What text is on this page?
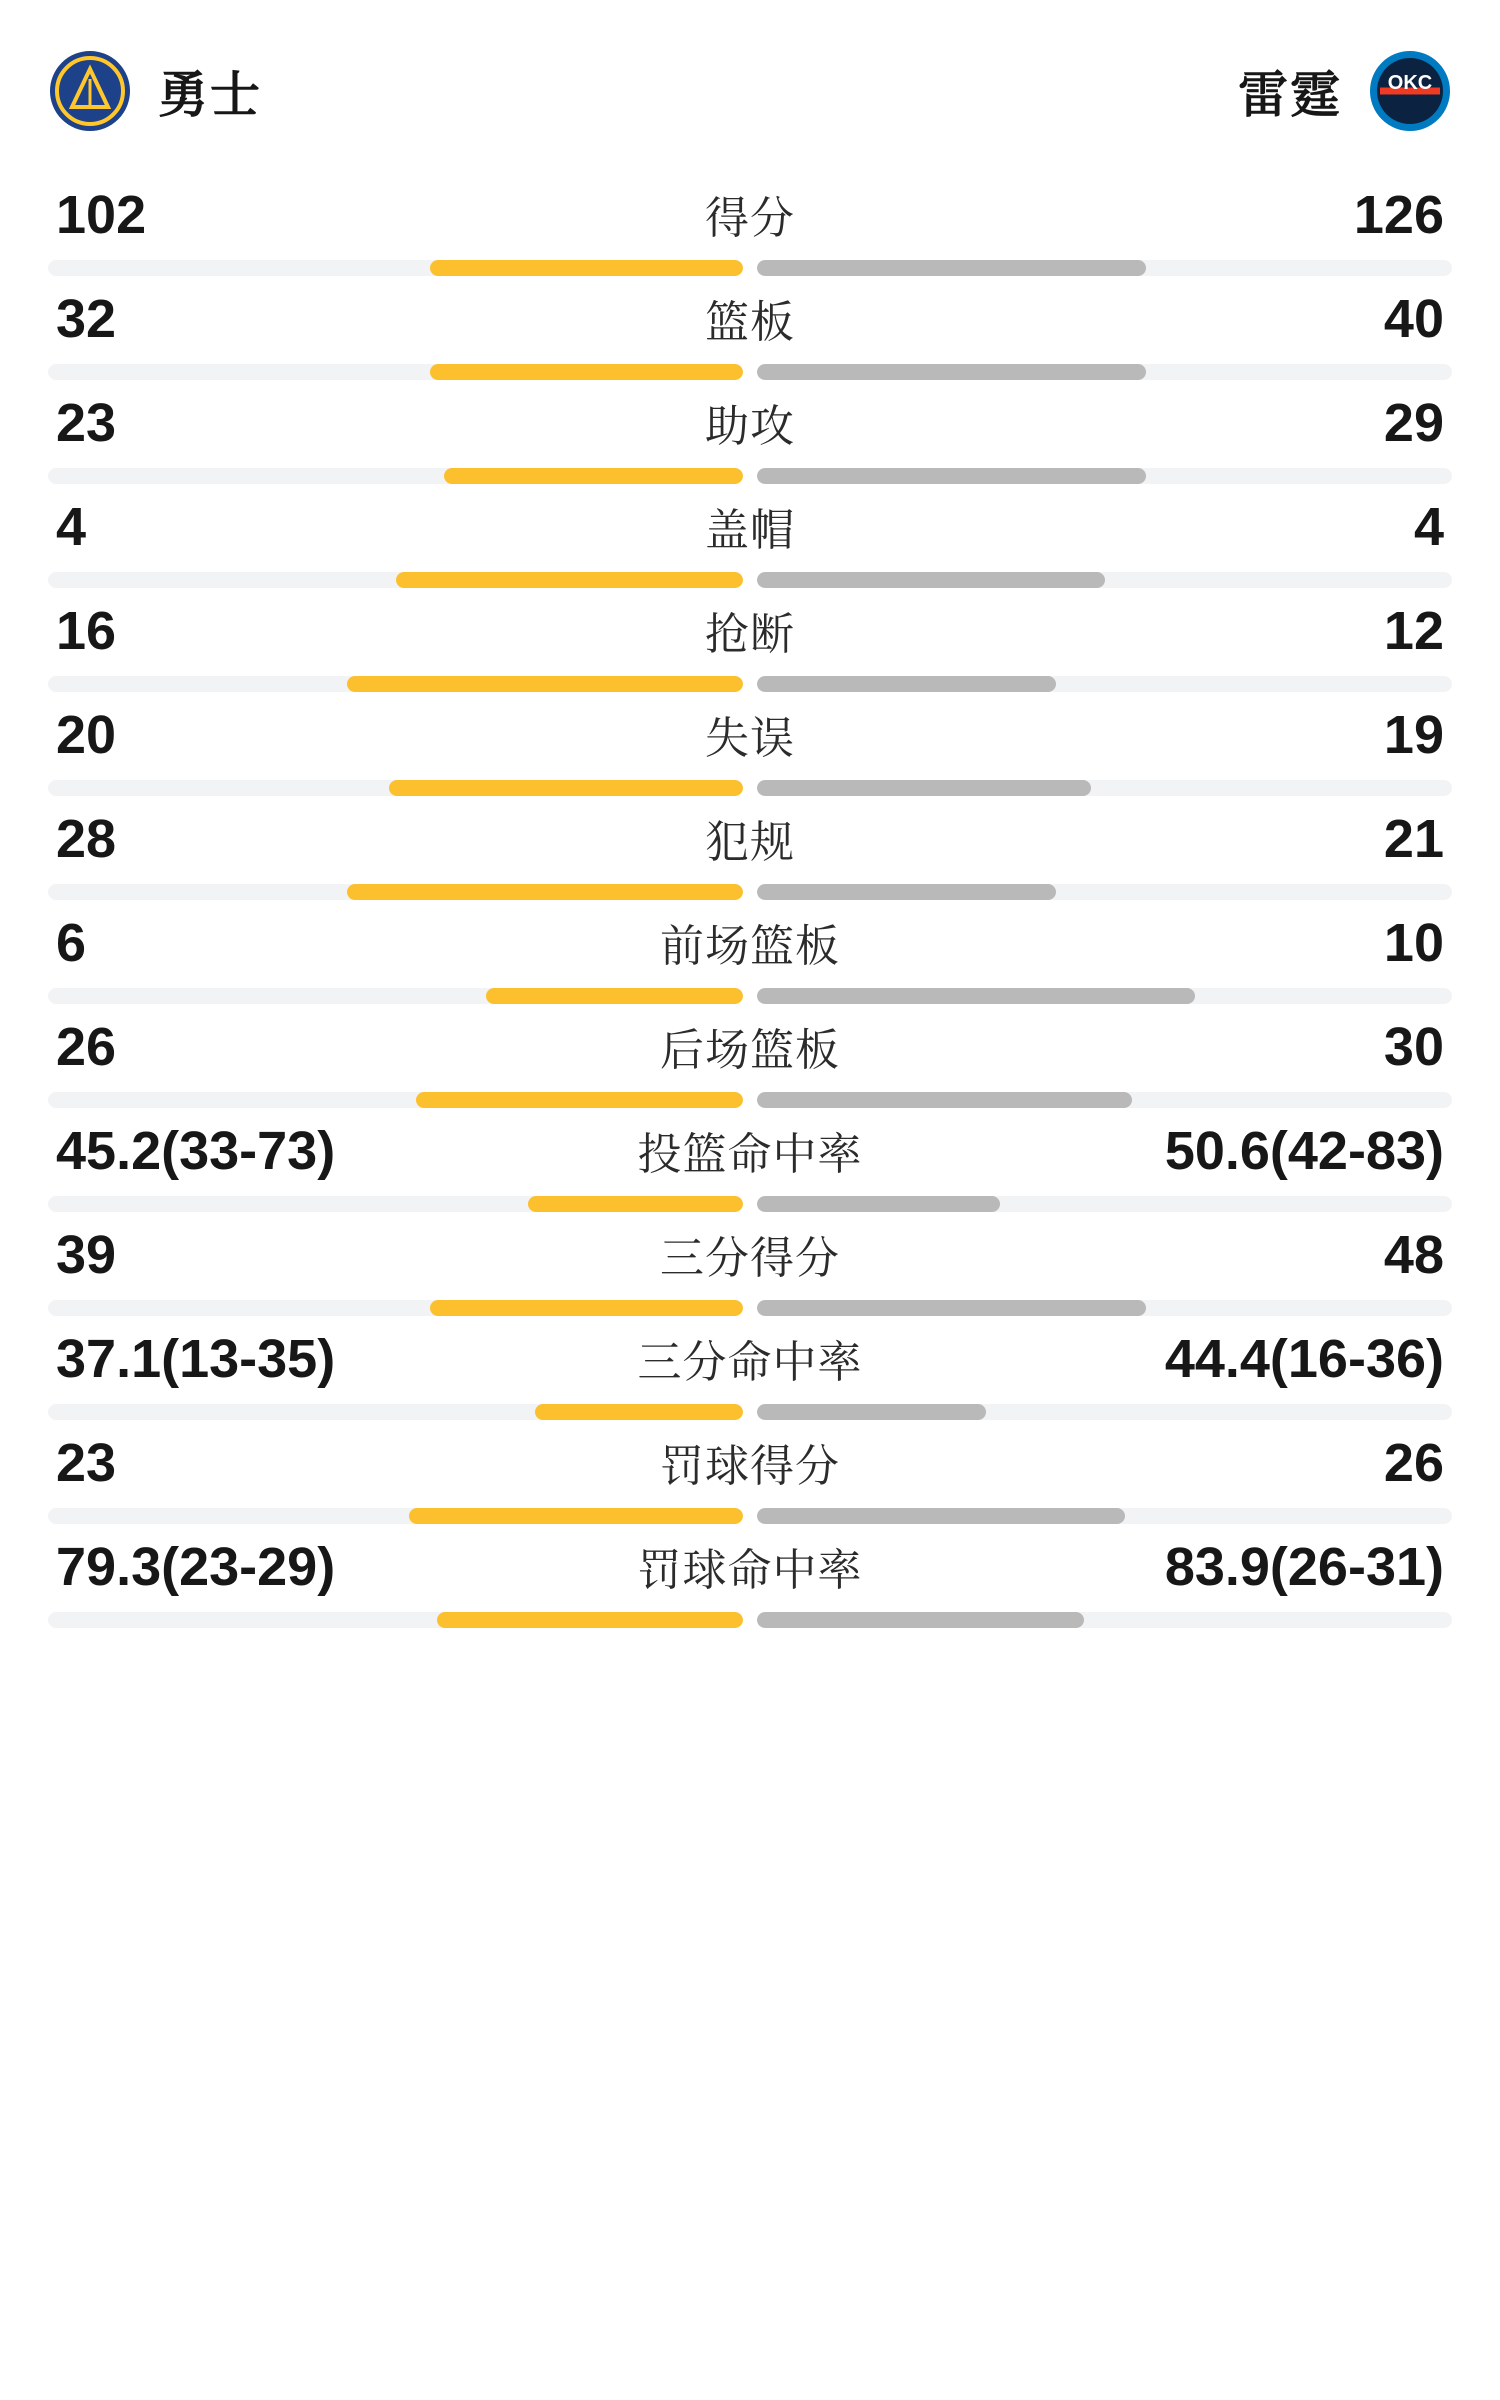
勇士	雷霆 OKC
102	得分	126
32	篮板	40
23	助攻	29
4	盖帽	4
16	抢断	12
20	失误	19
28	犯规	21
6	前场篮板	10
26	后场篮板	30
45.2(33-73)	投篮命中率	50.6(42-83)
39	三分得分	48
37.1(13-35)	三分命中率	44.4(16-36)
23	罚球得分	26
79.3(23-29)	罚球命中率	83.9(26-31)
